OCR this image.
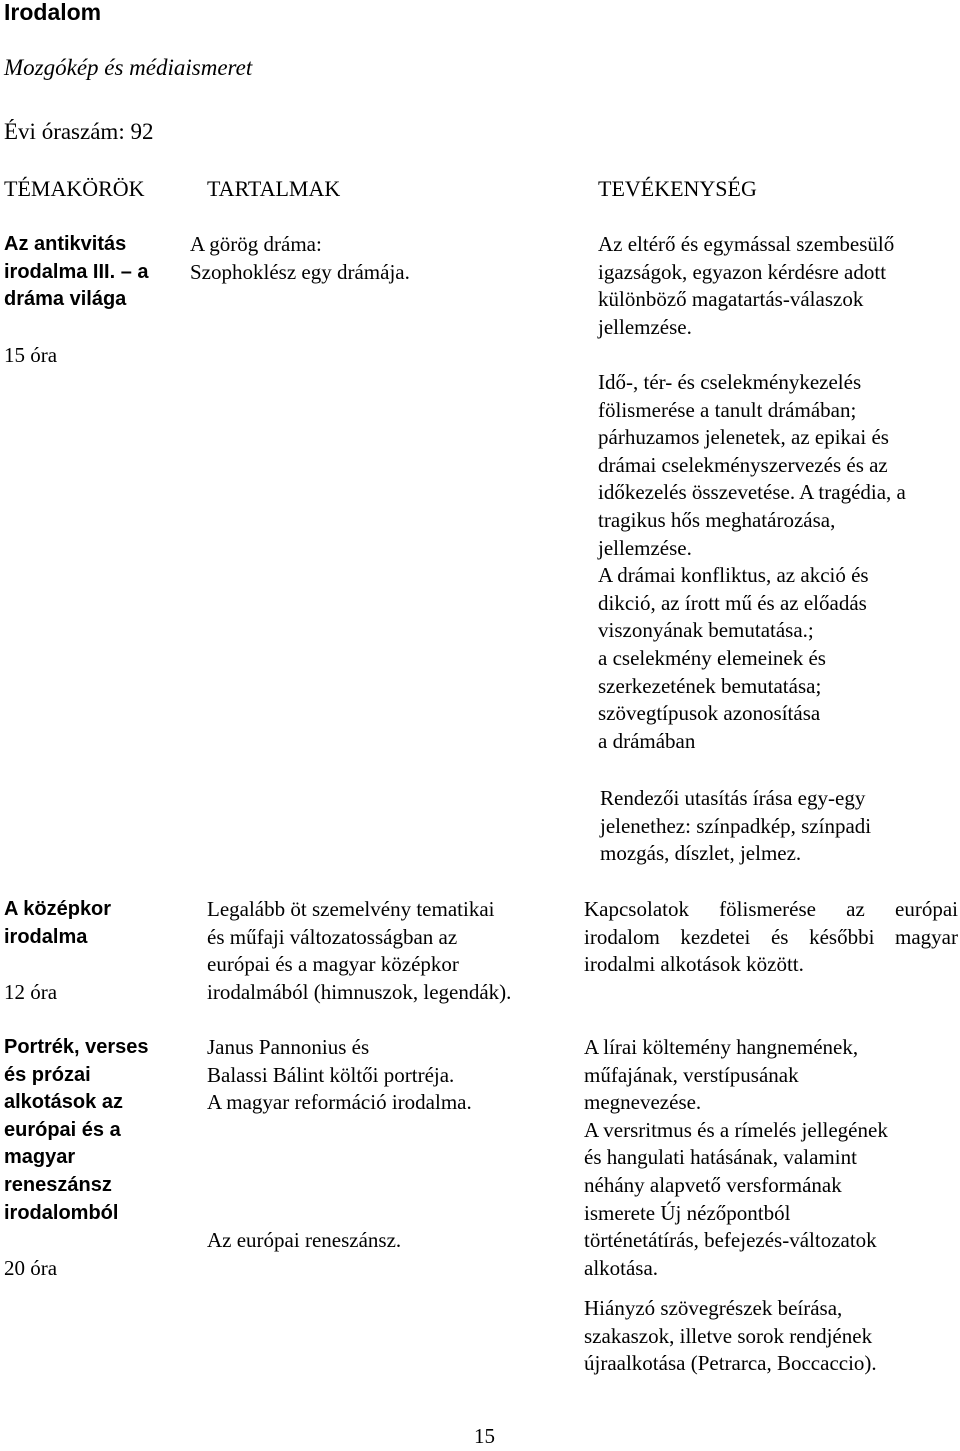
Irodalom
Mozgókép és médiaismeret
Évi óraszám: 92
TÉMAKÖRÖK	TARTALMAK	TEVÉKENYSÉG
Az antikvitás
irodalma III. – a
dráma világa
15 óra
A görög dráma:
Szophoklész egy drámája.
Az eltérő és egymással szembesülő
igazságok, egyazon kérdésre adott
különböző magatartás-válaszok
jellemzése.
Idő-, tér- és cselekménykezelés
fölismerése a tanult drámában;
párhuzamos jelenetek, az epikai és
drámai cselekményszervezés és az
időkezelés összevetése. A tragédia, a
tragikus hős meghatározása,
jellemzése.
A drámai konfliktus, az akció és
dikció, az írott mű és az előadás
viszonyának bemutatása.;
a cselekmény elemeinek és
szerkezetének bemutatása;
szövegtípusok azonosítása
a drámában
Rendezői utasítás írása egy-egy
jelenethez: színpadkép, színpadi
mozgás, díszlet, jelmez.
A középkor
irodalma
12 óra
Legalább öt szemelvény tematikai
és műfaji változatosságban az
európai és a magyar középkor
irodalmából (himnuszok, legendák).
Kapcsolatok fölismerése az európai irodalom kezdetei és későbbi magyar irodalmi alkotások között.
Portrék, verses
és prózai
alkotások az
európai és a
magyar
reneszánsz
irodalomból
20 óra
Janus Pannonius és
Balassi Bálint költői portréja.
A magyar reformáció irodalma.
Az európai reneszánsz.
A lírai költemény hangnemének,
műfajának, verstípusának
megnevezése.
A versritmus és a rímelés jellegének
és hangulati hatásának, valamint
néhány alapvető versformának
ismerete Új nézőpontból
történetátírás, befejezés-változatok
alkotása.
Hiányzó szövegrészek beírása,
szakaszok, illetve sorok rendjének
újraalkotása (Petrarca, Boccaccio).
15
